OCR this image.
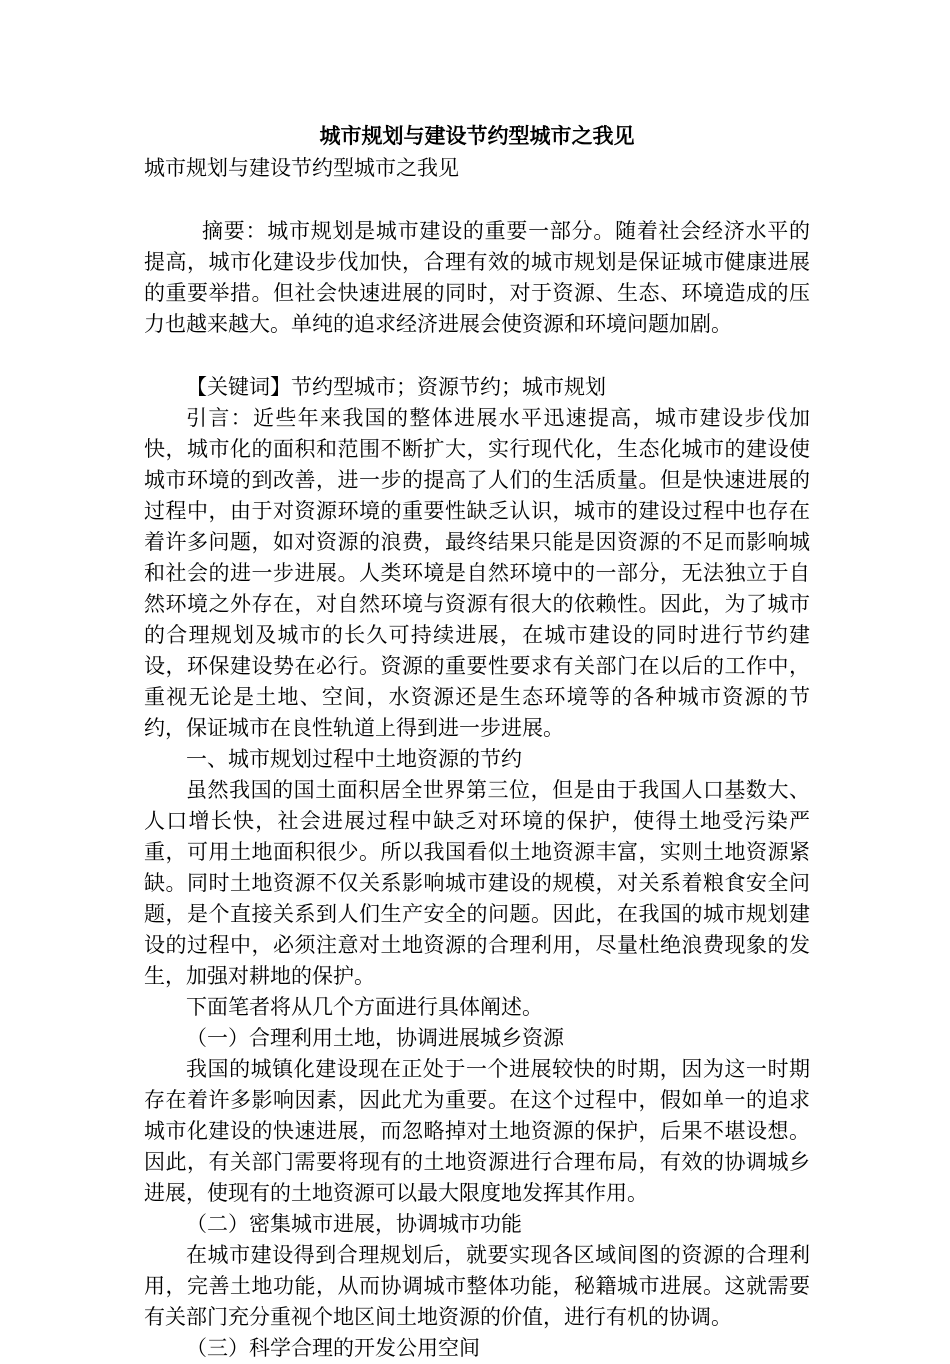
城市规划与建设节约型城市之我见

城市规划与建设节约型城市之我见

摘要：城市规划是城市建设的重要一部分。随着社会经济水平的提高，城市化建设步伐加快，合理有效的城市规划是保证城市健康进展的重要举措。但社会快速进展的同时，对于资源、生态、环境造成的压力也越来越大。单纯的追求经济进展会使资源和环境问题加剧。

【关键词】节约型城市；资源节约；城市规划

引言：近些年来我国的整体进展水平迅速提高，城市建设步伐加快，城市化的面积和范围不断扩大，实行现代化，生态化城市的建设使城市环境的到改善，进一步的提高了人们的生活质量。但是快速进展的过程中，由于对资源环境的重要性缺乏认识，城市的建设过程中也存在着许多问题，如对资源的浪费，最终结果只能是因资源的不足而影响城和社会的进一步进展。人类环境是自然环境中的一部分，无法独立于自然环境之外存在，对自然环境与资源有很大的依赖性。因此，为了城市的合理规划及城市的长久可持续进展，在城市建设的同时进行节约建设，环保建设势在必行。资源的重要性要求有关部门在以后的工作中，重视无论是土地、空间，水资源还是生态环境等的各种城市资源的节约，保证城市在良性轨道上得到进一步进展。

一、城市规划过程中土地资源的节约

虽然我国的国土面积居全世界第三位，但是由于我国人口基数大、人口增长快，社会进展过程中缺乏对环境的保护，使得土地受污染严重，可用土地面积很少。所以我国看似土地资源丰富，实则土地资源紧缺。同时土地资源不仅关系影响城市建设的规模，对关系着粮食安全问题，是个直接关系到人们生产安全的问题。因此，在我国的城市规划建设的过程中，必须注意对土地资源的合理利用，尽量杜绝浪费现象的发生，加强对耕地的保护。

下面笔者将从几个方面进行具体阐述。

（一）合理利用土地，协调进展城乡资源

我国的城镇化建设现在正处于一个进展较快的时期，因为这一时期存在着许多影响因素，因此尤为重要。在这个过程中，假如单一的追求城市化建设的快速进展，而忽略掉对土地资源的保护，后果不堪设想。因此，有关部门需要将现有的土地资源进行合理布局，有效的协调城乡进展，使现有的土地资源可以最大限度地发挥其作用。

（二）密集城市进展，协调城市功能

在城市建设得到合理规划后，就要实现各区域间图的资源的合理利用，完善土地功能，从而协调城市整体功能，秘籍城市进展。这就需要有关部门充分重视个地区间土地资源的价值，进行有机的协调。

（三）科学合理的开发公用空间
